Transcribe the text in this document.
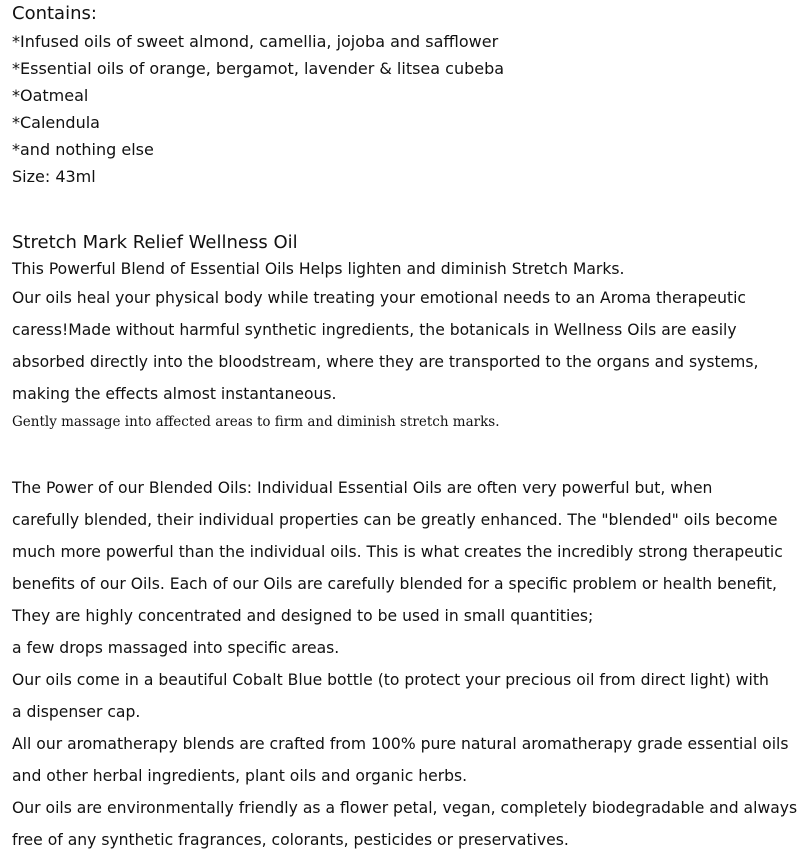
Contains:
*Infused oils of sweet almond, camellia, jojoba and safflower
*Essential oils of orange, bergamot, lavender & litsea cubeba
*Oatmeal
*Calendula
*and nothing else
Size: 43ml
Stretch Mark Relief Wellness Oil
This Powerful Blend of Essential Oils Helps lighten and diminish Stretch Marks.
Our oils heal your physical body while treating your emotional needs to an Aroma therapeutic
caress!Made without harmful synthetic ingredients, the botanicals in Wellness Oils are easily
absorbed directly into the bloodstream, where they are transported to the organs and systems,
making the effects almost instantaneous.
Gently massage into affected areas to firm and diminish stretch marks.
The Power of our Blended Oils: Individual Essential Oils are often very powerful but, when
carefully blended, their individual properties can be greatly enhanced. The "blended" oils become
much more powerful than the individual oils. This is what creates the incredibly strong therapeutic
benefits of our Oils. Each of our Oils are carefully blended for a specific problem or health benefit,
They are highly concentrated and designed to be used in small quantities;
a few drops massaged into specific areas.
Our oils come in a beautiful Cobalt Blue bottle (to protect your precious oil from direct light) with
a dispenser cap.
All our aromatherapy blends are crafted from 100% pure natural aromatherapy grade essential oils
and other herbal ingredients, plant oils and organic herbs.
Our oils are environmentally friendly as a flower petal, vegan, completely biodegradable and always
free of any synthetic fragrances, colorants, pesticides or preservatives.
